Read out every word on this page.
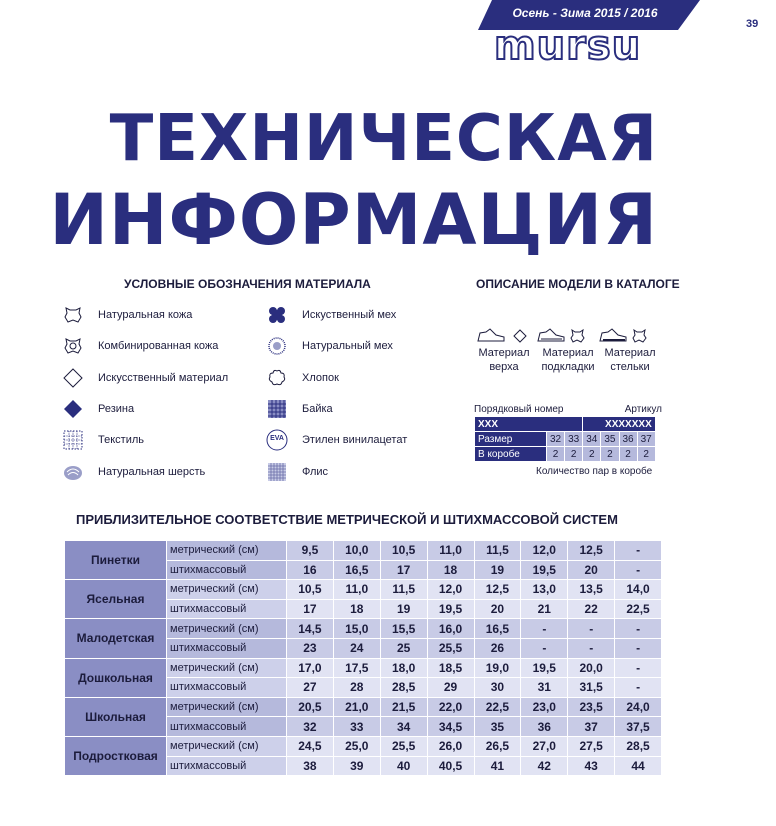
Осень - Зима 2015 / 2016
mursu	39
ТЕХНИЧЕСКАЯ
ИНФОРМАЦИЯ
УСЛОВНЫЕ ОБОЗНАЧЕНИЯ МАТЕРИАЛА
Натуральная кожа
Комбинированная кожа
Искусственный материал
Резина
Текстиль
Натуральная шерсть
Искуственный мех
Натуральный мех
Хлопок
Байка
EVA	Этилен винилацетат
Флис
ОПИСАНИЕ МОДЕЛИ В КАТАЛОГЕ
Материал
верха
Материал
подкладки
Материал
стельки
Порядковый номер	Артикул
XXX			XXXXXXX			
Размер	32	33	34	35	36	37
В коробе	2	2	2	2	2	2
Количество пар в коробе
ПРИБЛИЗИТЕЛЬНОЕ СООТВЕТСТВИЕ МЕТРИЧЕСКОЙ И ШТИХМАССОВОЙ СИСТЕМ
Пинетки	метрический (см)	9,5	10,0	10,5	11,0	11,5	12,0	12,5	-
	штихмассовый	16	16,5	17	18	19	19,5	20	-
Ясельная	метрический (см)	10,5	11,0	11,5	12,0	12,5	13,0	13,5	14,0
	штихмассовый	17	18	19	19,5	20	21	22	22,5
Малодетская	метрический (см)	14,5	15,0	15,5	16,0	16,5	-	-	-
	штихмассовый	23	24	25	25,5	26	-	-	-
Дошкольная	метрический (см)	17,0	17,5	18,0	18,5	19,0	19,5	20,0	-
	штихмассовый	27	28	28,5	29	30	31	31,5	-
Школьная	метрический (см)	20,5	21,0	21,5	22,0	22,5	23,0	23,5	24,0
	штихмассовый	32	33	34	34,5	35	36	37	37,5
Подростковая	метрический (см)	24,5	25,0	25,5	26,0	26,5	27,0	27,5	28,5
	штихмассовый	38	39	40	40,5	41	42	43	44
